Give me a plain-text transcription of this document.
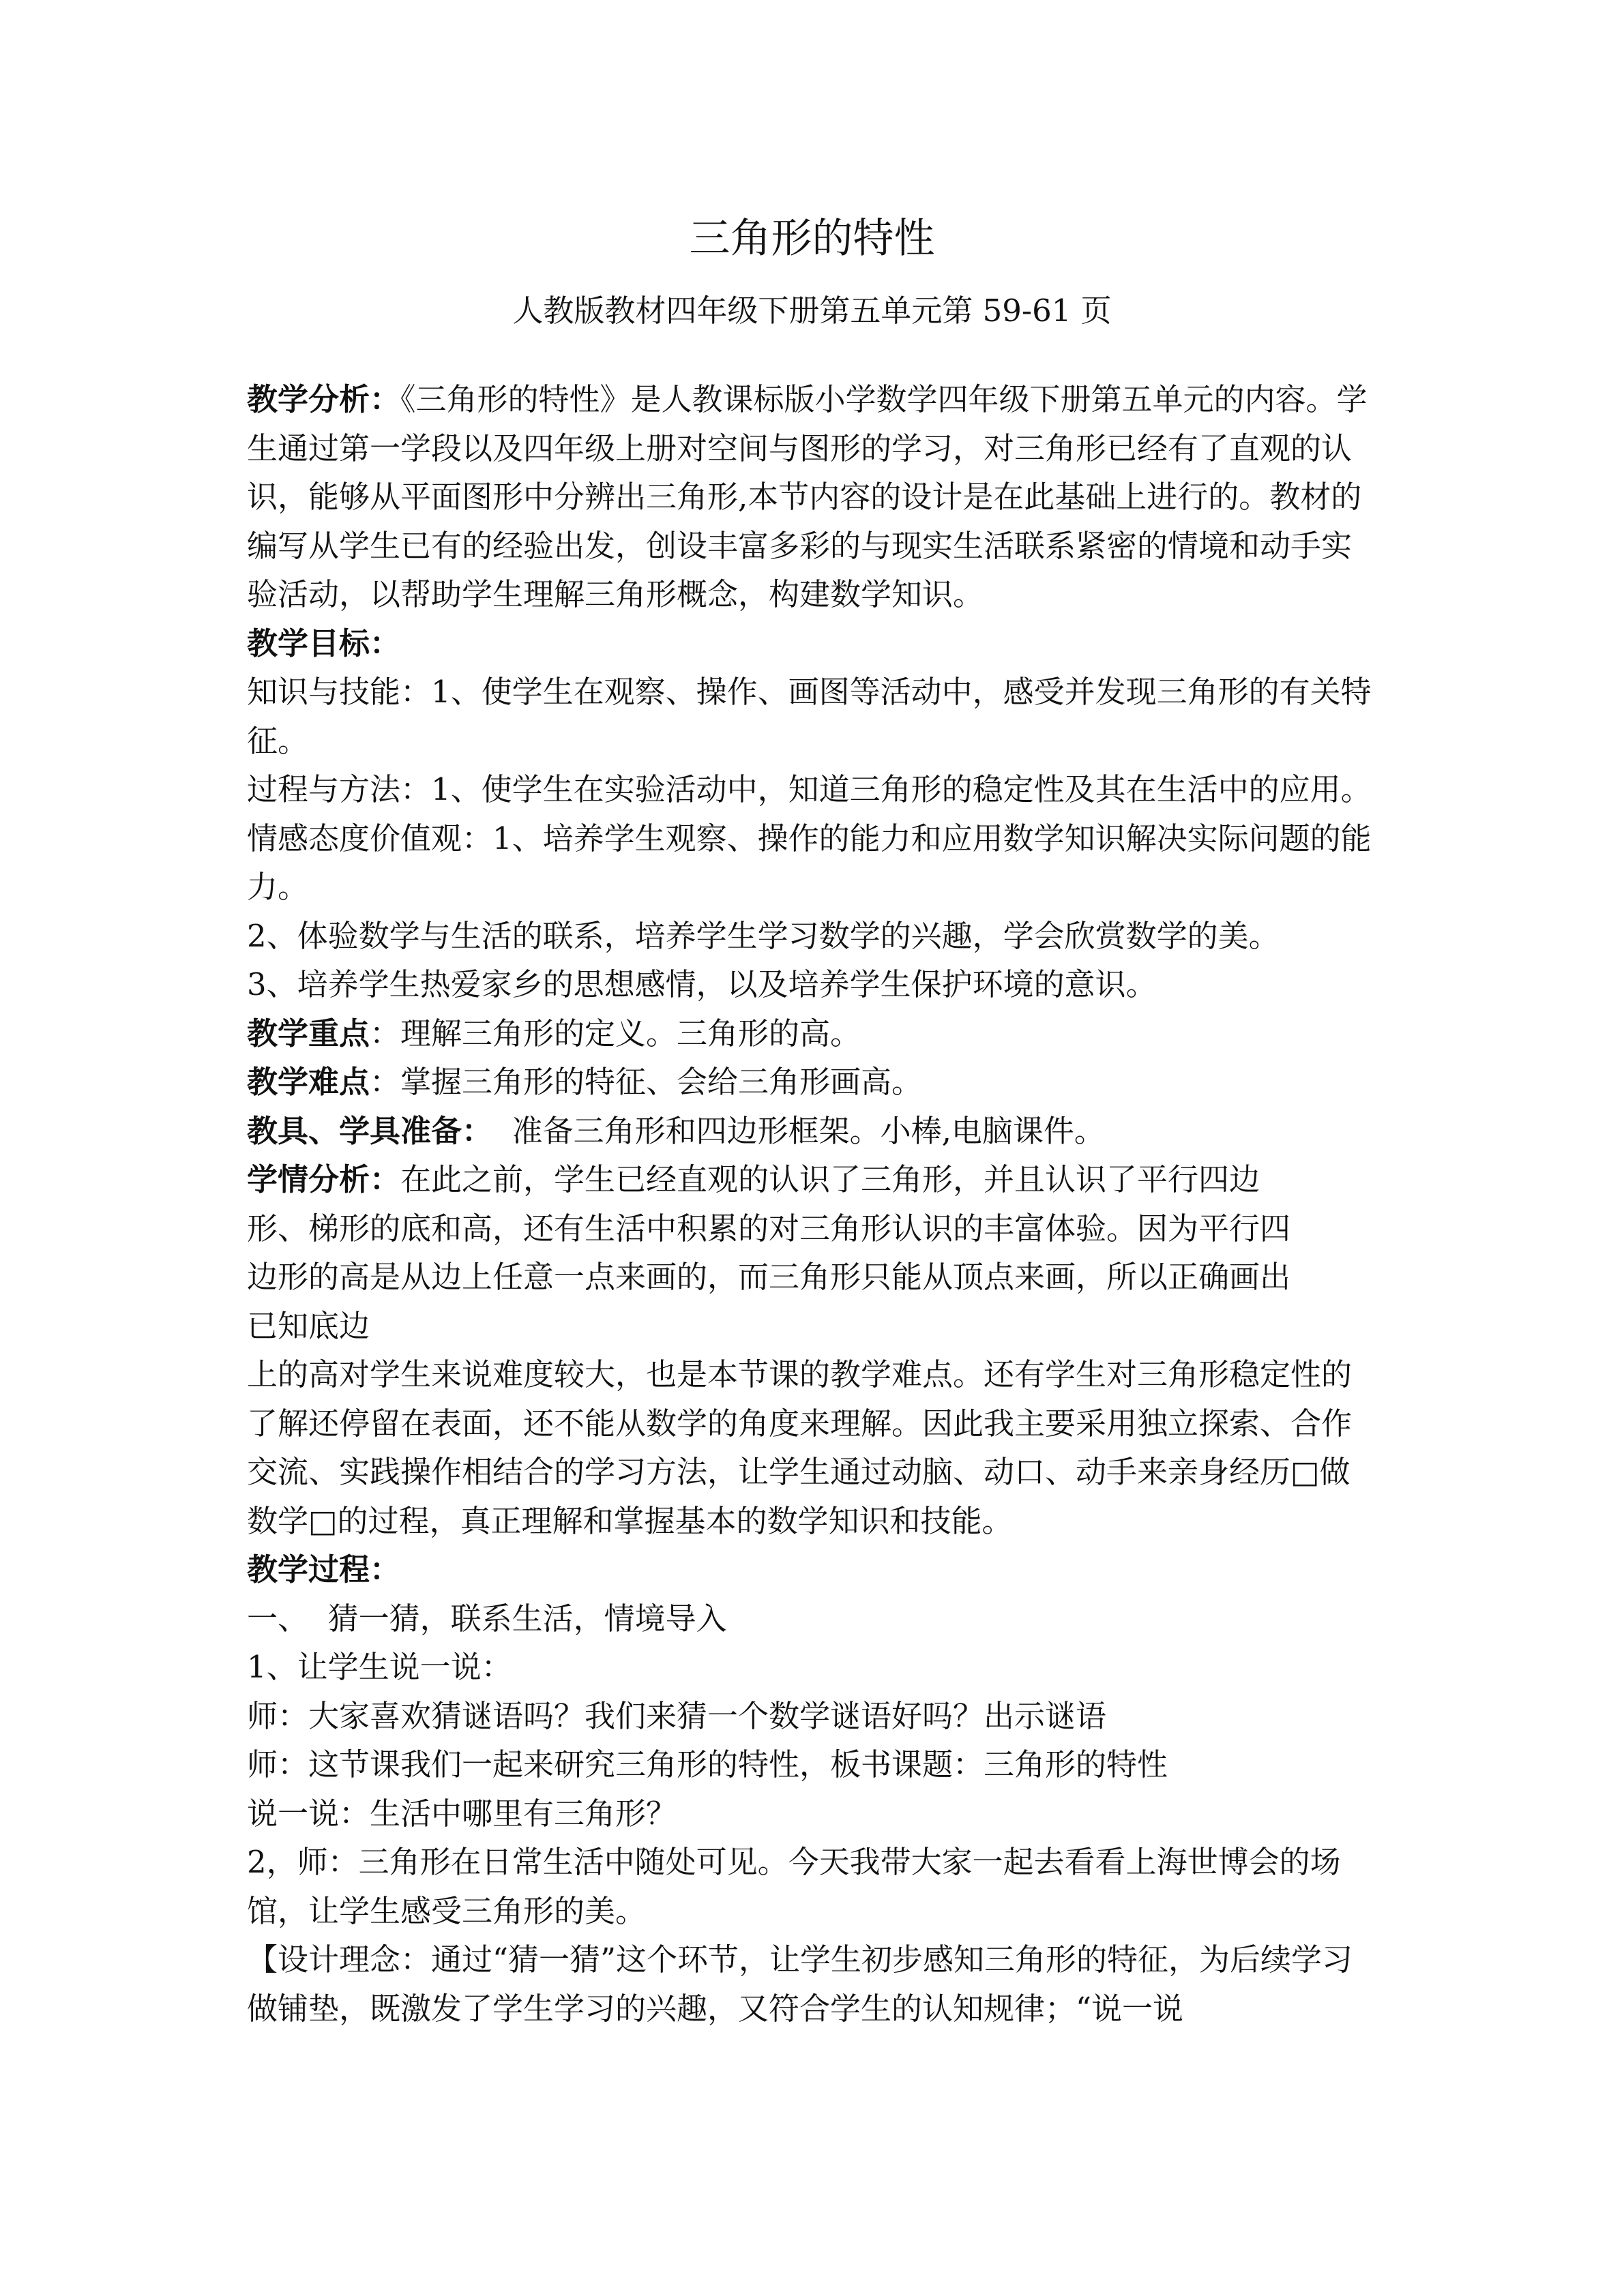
三角形的特性

人教版教材四年级下册第五单元第 59-61 页

教学分析：《三角形的特性》是人教课标版小学数学四年级下册第五单元的内容。学生通过第一学段以及四年级上册对空间与图形的学习，对三角形已经有了直观的认识，能够从平面图形中分辨出三角形,本节内容的设计是在此基础上进行的。教材的编写从学生已有的经验出发，创设丰富多彩的与现实生活联系紧密的情境和动手实验活动，以帮助学生理解三角形概念，构建数学知识。

教学目标：

知识与技能：1、使学生在观察、操作、画图等活动中，感受并发现三角形的有关特征。

过程与方法：1、使学生在实验活动中，知道三角形的稳定性及其在生活中的应用。

情感态度价值观：1、培养学生观察、操作的能力和应用数学知识解决实际问题的能力。

2、体验数学与生活的联系，培养学生学习数学的兴趣，学会欣赏数学的美。

3、培养学生热爱家乡的思想感情，以及培养学生保护环境的意识。

教学重点：理解三角形的定义。三角形的高。

教学难点：掌握三角形的特征、会给三角形画高。

教具、学具准备：  准备三角形和四边形框架。小棒,电脑课件。

学情分析：在此之前，学生已经直观的认识了三角形，并且认识了平行四边

形、梯形的底和高，还有生活中积累的对三角形认识的丰富体验。因为平行四

边形的高是从边上任意一点来画的，而三角形只能从顶点来画，所以正确画出

已知底边

上的高对学生来说难度较大，也是本节课的教学难点。还有学生对三角形稳定性的了解还停留在表面，还不能从数学的角度来理解。因此我主要采用独立探索、合作交流、实践操作相结合的学习方法，让学生通过动脑、动口、动手来亲身经历□做数学□的过程，真正理解和掌握基本的数学知识和技能。

教学过程：

一、  猜一猜，联系生活，情境导入

1、让学生说一说：

师：大家喜欢猜谜语吗？我们来猜一个数学谜语好吗？出示谜语

师：这节课我们一起来研究三角形的特性，板书课题：三角形的特性

说一说：生活中哪里有三角形？

2，师：三角形在日常生活中随处可见。今天我带大家一起去看看上海世博会的场馆，让学生感受三角形的美。

【设计理念：通过“猜一猜”这个环节，让学生初步感知三角形的特征，为后续学习做铺垫，既激发了学生学习的兴趣，又符合学生的认知规律；“说一说
